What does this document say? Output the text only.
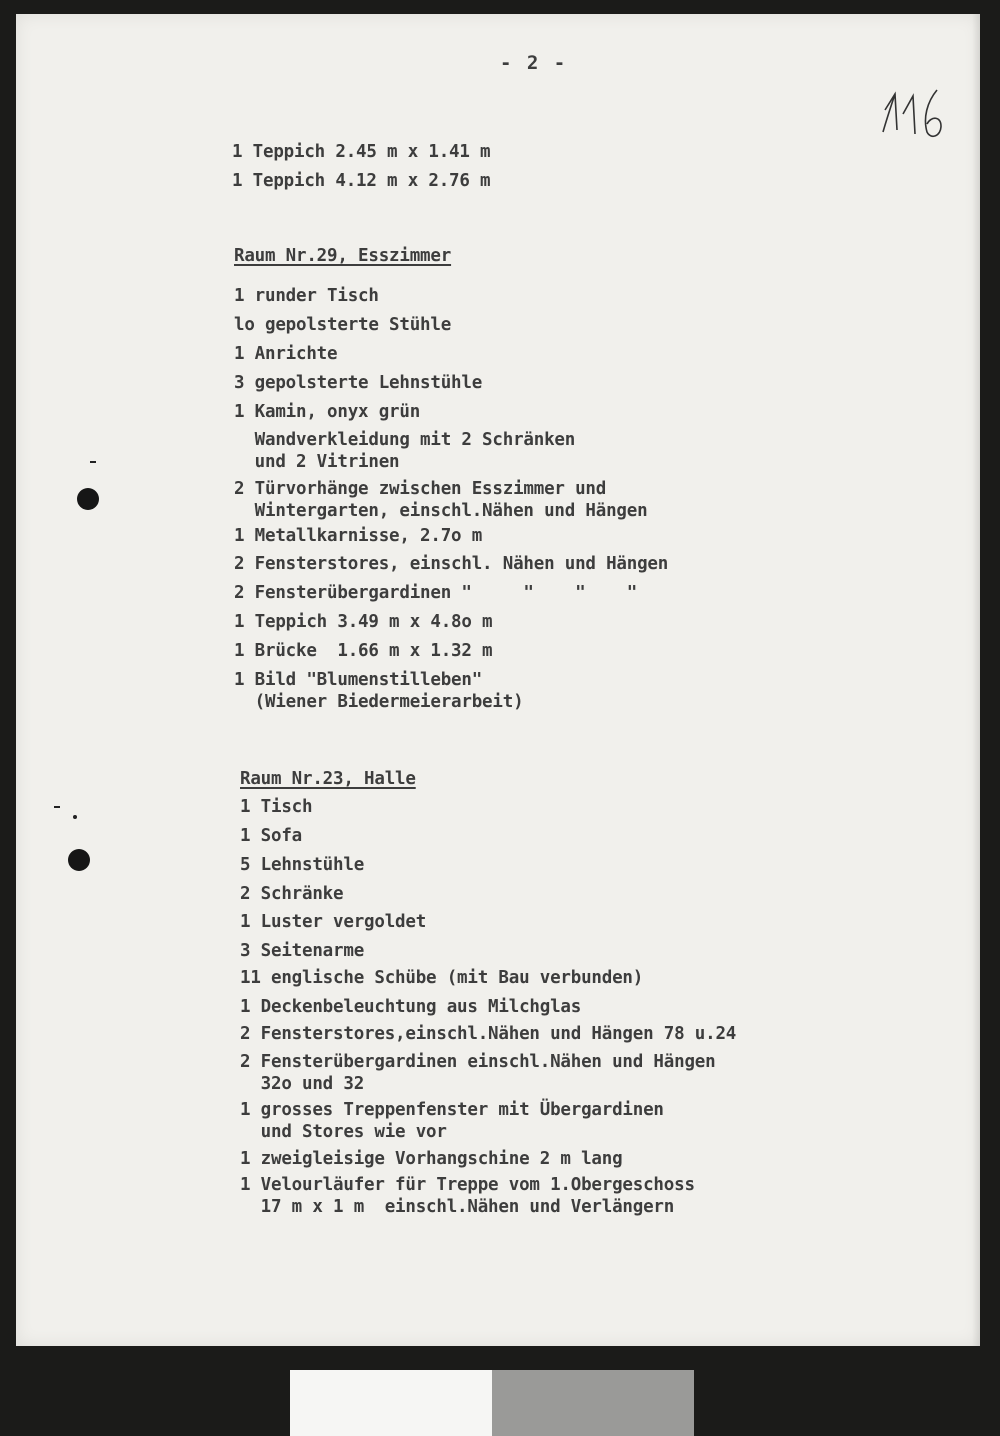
- 2 -
1 Teppich 2.45 m x 1.41 m
1 Teppich 4.12 m x 2.76 m
Raum Nr.29, Esszimmer
1 runder Tisch
lo gepolsterte Stühle
1 Anrichte
3 gepolsterte Lehnstühle
1 Kamin, onyx grün
Wandverkleidung mit 2 Schränken
und 2 Vitrinen
2 Türvorhänge zwischen Esszimmer und
Wintergarten, einschl.Nähen und Hängen
1 Metallkarnisse, 2.7o m
2 Fensterstores, einschl. Nähen und Hängen
2 Fensterübergardinen "     "    "    "
1 Teppich 3.49 m x 4.8o m
1 Brücke  1.66 m x 1.32 m
1 Bild "Blumenstilleben"
(Wiener Biedermeierarbeit)
Raum Nr.23, Halle
1 Tisch
1 Sofa
5 Lehnstühle
2 Schränke
1 Luster vergoldet
3 Seitenarme
11 englische Schübe (mit Bau verbunden)
1 Deckenbeleuchtung aus Milchglas
2 Fensterstores,einschl.Nähen und Hängen 78 u.24
2 Fensterübergardinen einschl.Nähen und Hängen
32o und 32
1 grosses Treppenfenster mit Übergardinen
und Stores wie vor
1 zweigleisige Vorhangschine 2 m lang
1 Velourläufer für Treppe vom 1.Obergeschoss
17 m x 1 m  einschl.Nähen und Verlängern
